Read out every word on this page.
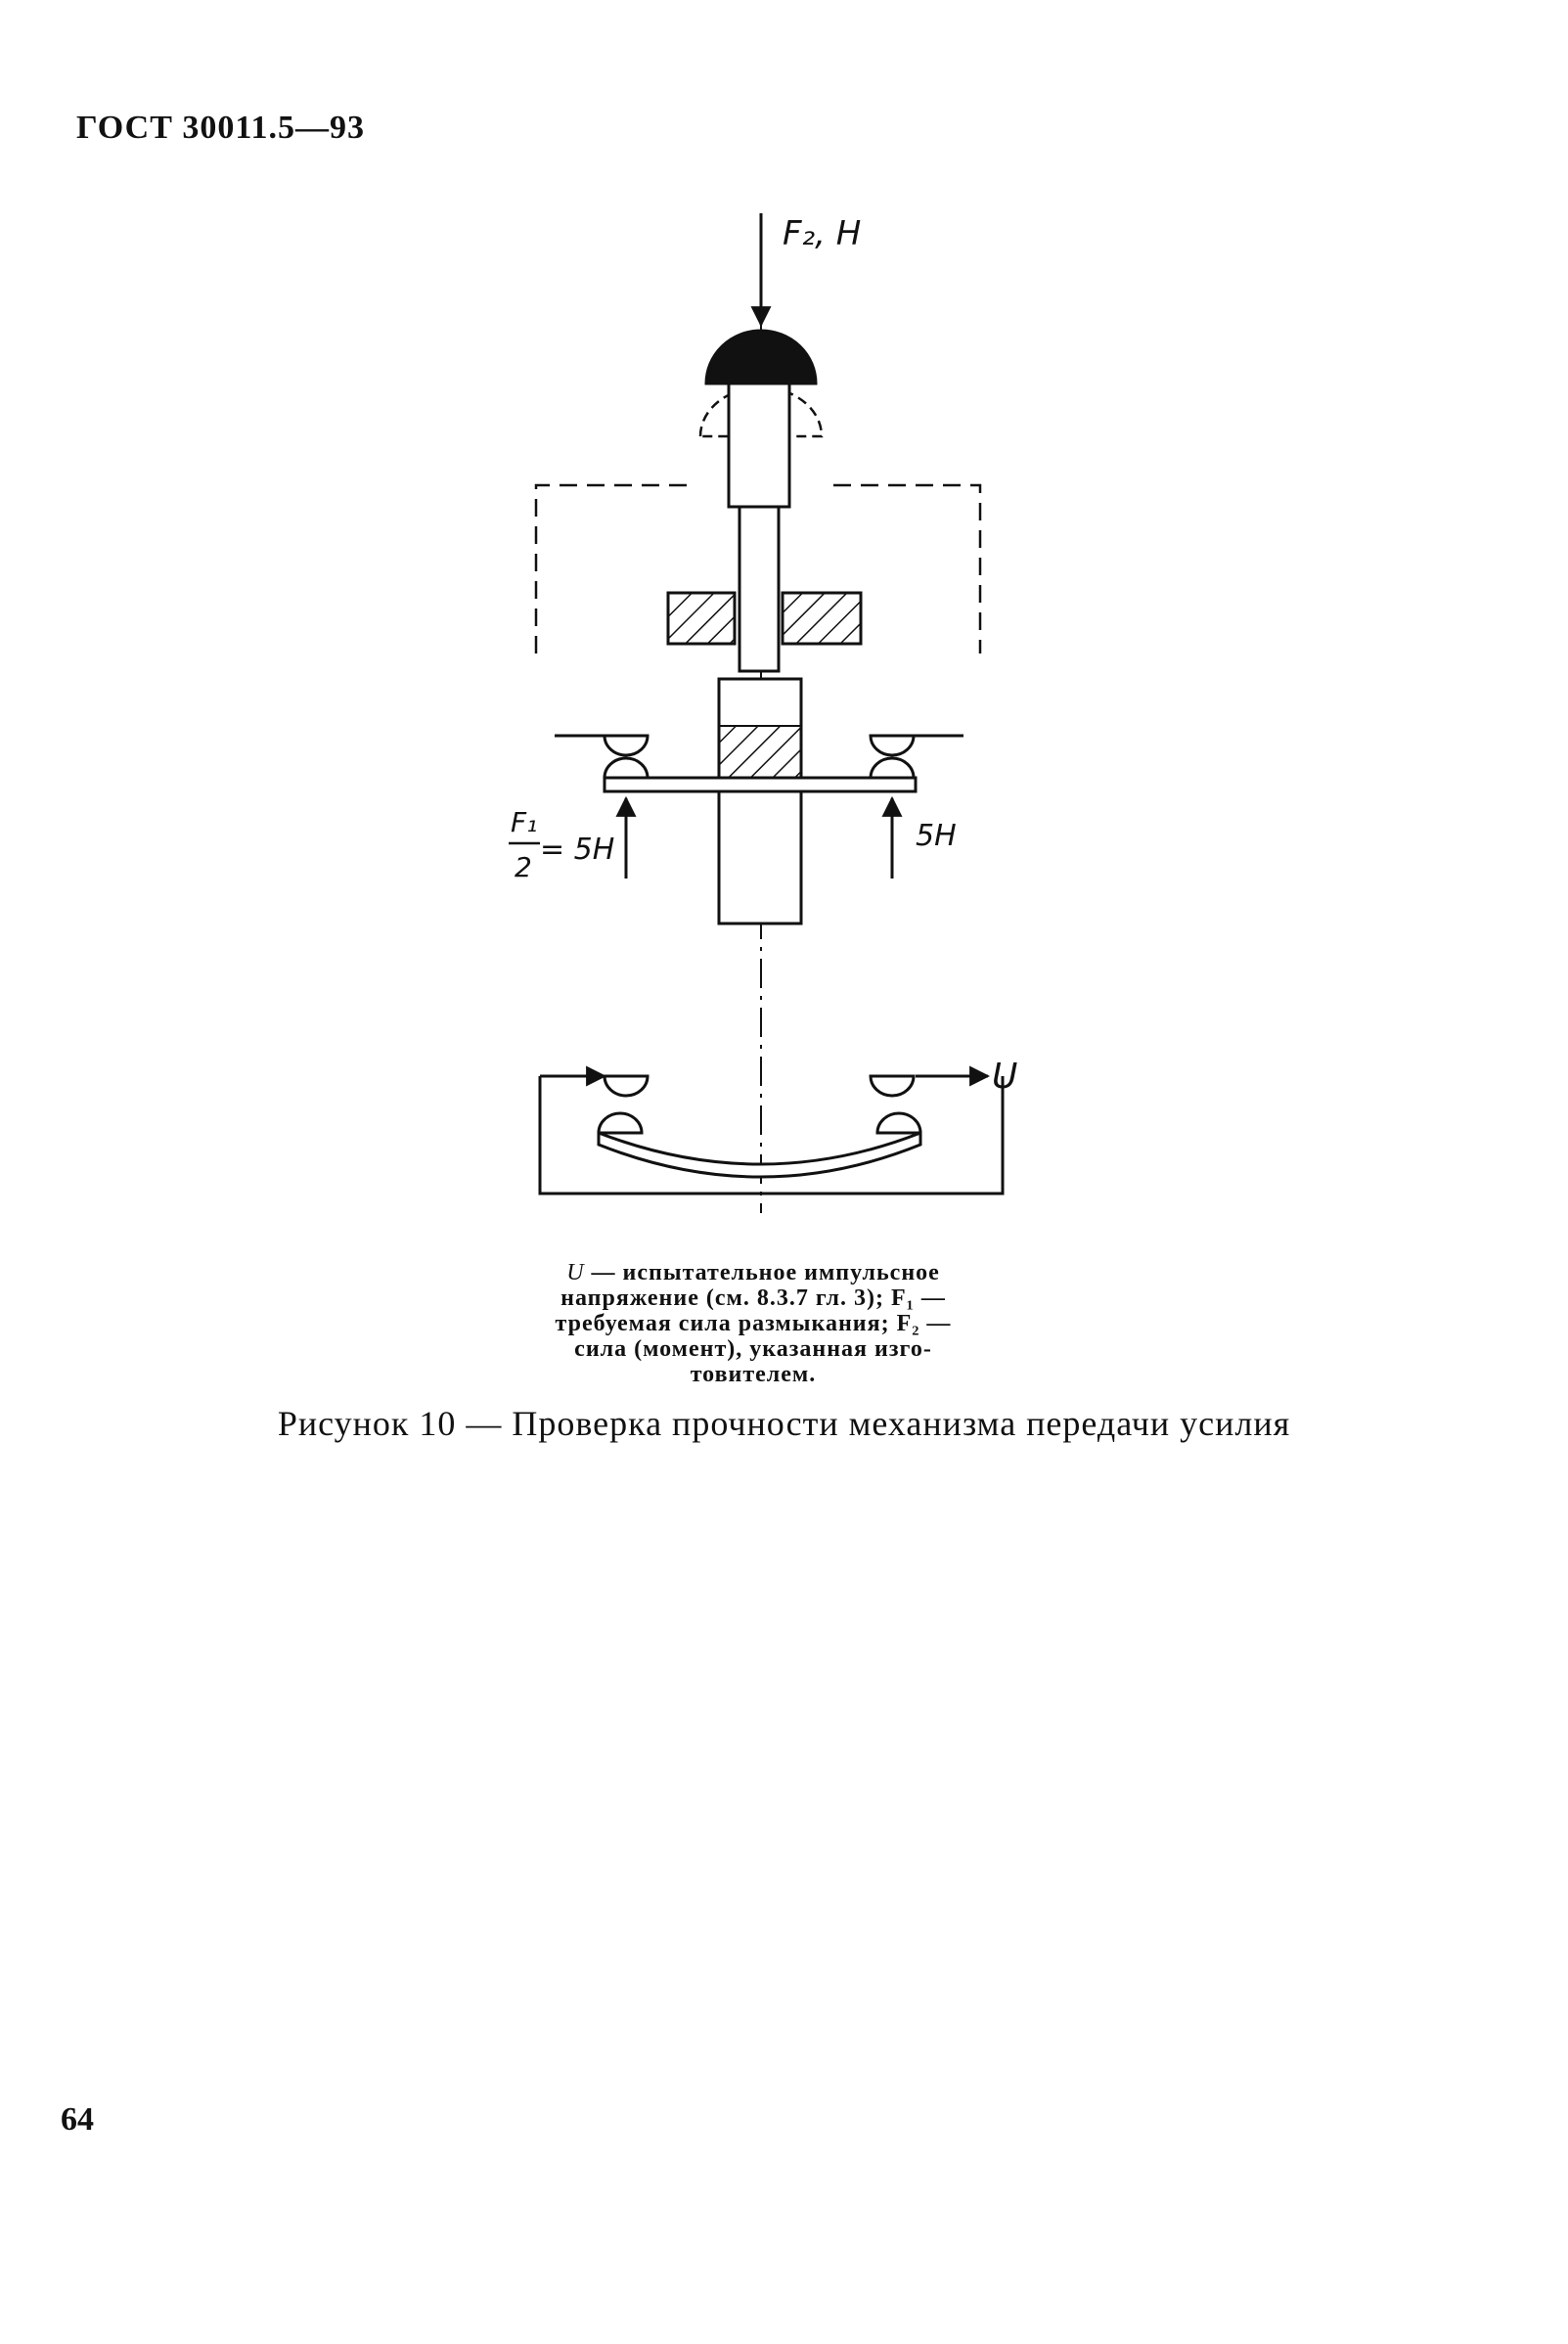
ГОСТ 30011.5—93
F₂, Н
F₁
2
= 5Н	5Н
U
U — испытательное импульсное
напряжение (см. 8.3.7 гл. 3); F₁ —
требуемая сила размыкания; F₂ —
сила (момент), указанная изго-
товителем.
Рисунок 10 — Проверка прочности механизма передачи усилия
64
